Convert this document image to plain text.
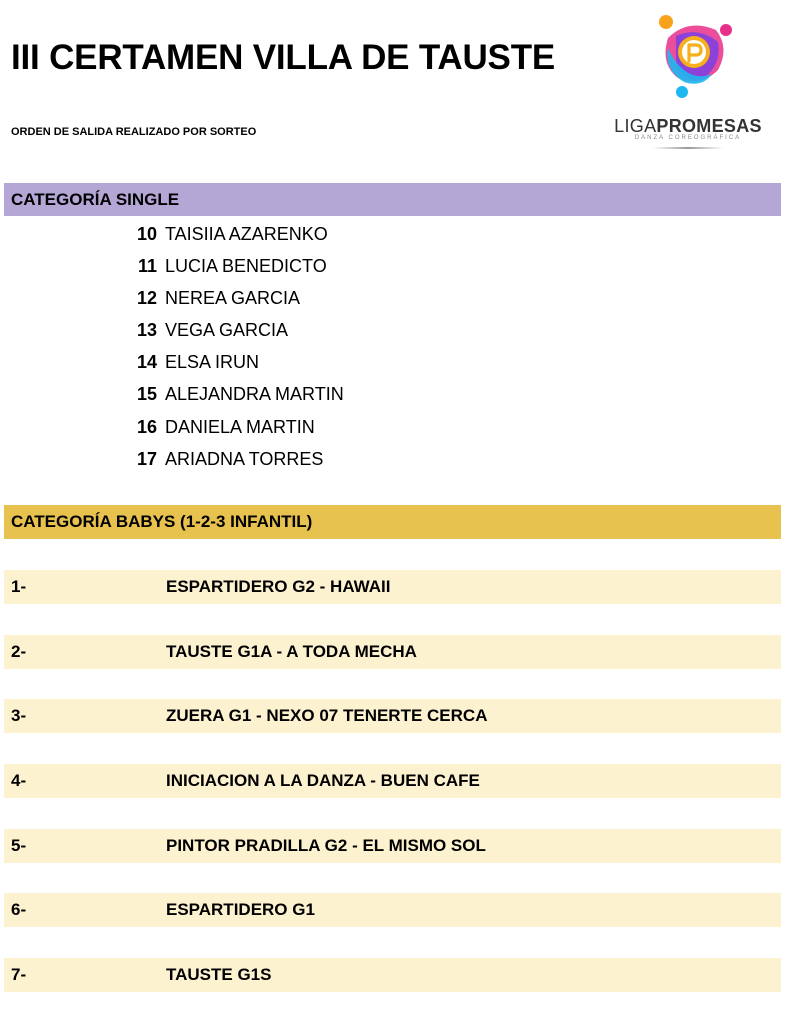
III CERTAMEN VILLA DE TAUSTE
ORDEN DE SALIDA REALIZADO POR SORTEO	LIGAPROMESAS
DANZA COREOGRÁFICA
CATEGORÍA SINGLE
10 TAISIIA AZARENKO
11 LUCIA BENEDICTO
12 NEREA GARCIA
13 VEGA GARCIA
14 ELSA IRUN
15 ALEJANDRA MARTIN
16 DANIELA MARTIN
17 ARIADNA TORRES
CATEGORÍA BABYS (1-2-3 INFANTIL)
1-	ESPARTIDERO G2 - HAWAII
2-	TAUSTE G1A - A TODA MECHA
3-	ZUERA G1 - NEXO 07 TENERTE CERCA
4-	INICIACION A LA DANZA - BUEN CAFE
5-	PINTOR PRADILLA G2 - EL MISMO SOL
6-	ESPARTIDERO G1
7-	TAUSTE G1S
